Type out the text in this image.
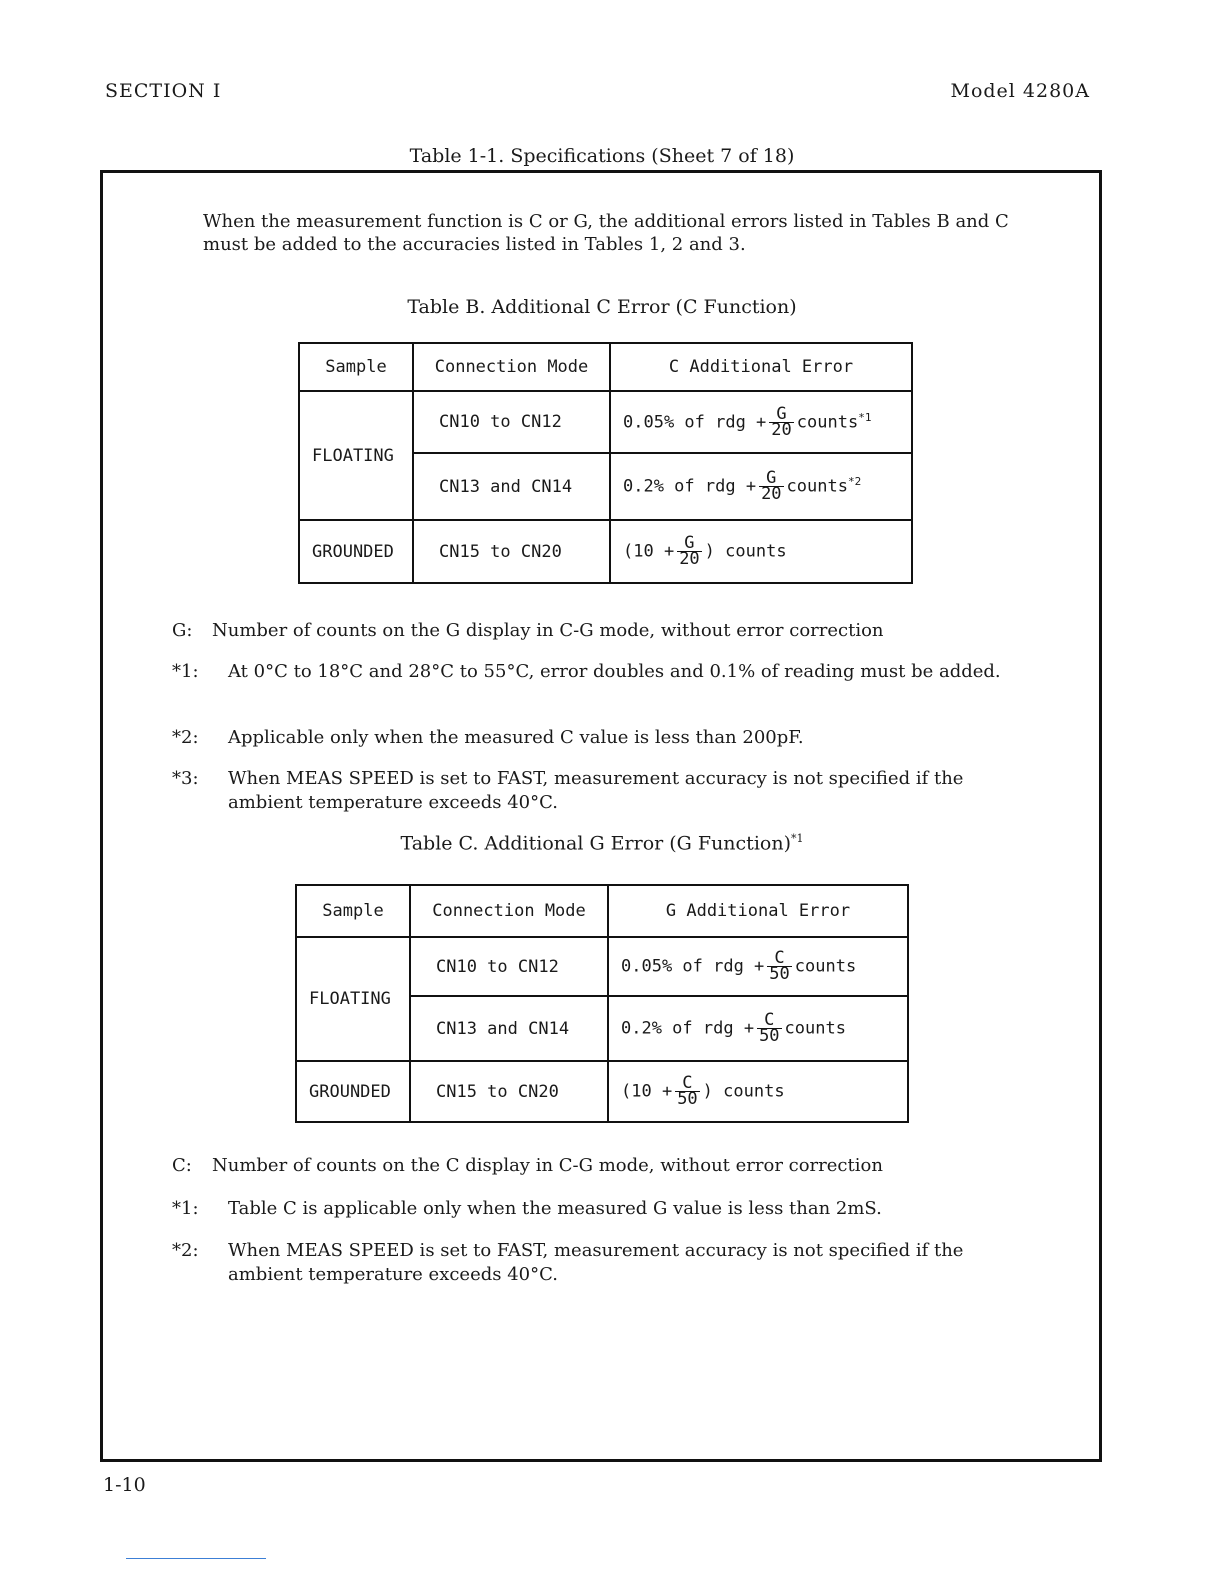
SECTION I	Model 4280A
Table 1-1. Specifications (Sheet 7 of 18)
When the measurement function is C or G, the additional errors listed in Tables B and C must be added to the accuracies listed in Tables 1, 2 and 3.
Table B. Additional C Error (C Function)
Sample	Connection Mode	C Additional Error
FLOATING	CN10 to CN12	0.05% of rdg + $\frac{G}{20}$ counts$^{*1}$
	CN13 and CN14	0.2% of rdg + $\frac{G}{20}$ counts$^{*2}$
GROUNDED	CN15 to CN20	($10 + \frac{G}{20}$ ) counts
G: Number of counts on the G display in C-G mode, without error correction
*1: At 0°C to 18°C and 28°C to 55°C, error doubles and 0.1% of reading must be added.
*2: Applicable only when the measured C value is less than 200pF.
*3: When MEAS SPEED is set to FAST, measurement accuracy is not specified if the ambient temperature exceeds 40°C.
Table C. Additional G Error (G Function)$^{*1}$
Sample	Connection Mode	G Additional Error
FLOATING	CN10 to CN12	0.05% of rdg + $\frac{C}{50}$ counts
	CN13 and CN14	0.2% of rdg + $\frac{C}{50}$ counts
GROUNDED	CN15 to CN20	($10 + \frac{C}{50}$ ) counts
C: Number of counts on the C display in C-G mode, without error correction
*1: Table C is applicable only when the measured G value is less than 2mS.
*2: When MEAS SPEED is set to FAST, measurement accuracy is not specified if the ambient temperature exceeds 40°C.
1-10
